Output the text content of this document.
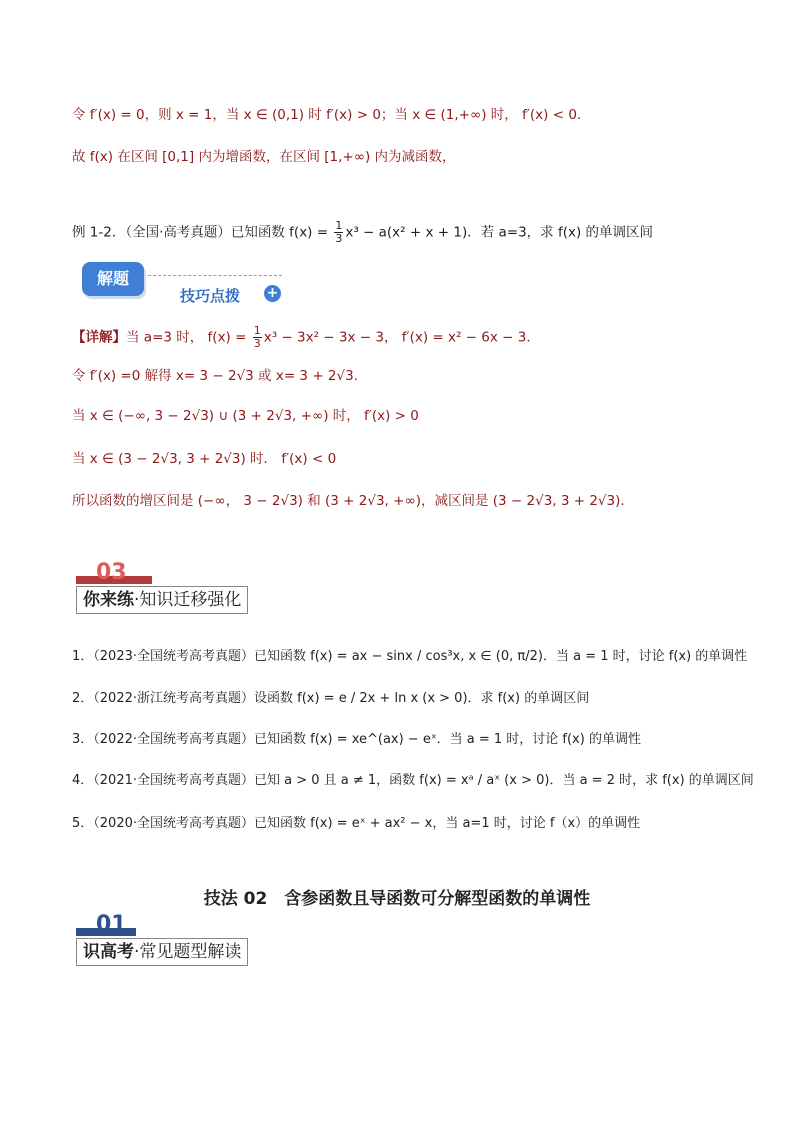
令 f′(x) = 0，则 x = 1，当 x ∈ (0,1) 时 f′(x) > 0；当 x ∈ (1,+∞) 时， f′(x) < 0．
故 f(x) 在区间 [0,1] 内为增函数，在区间 [1,+∞) 内为减函数，
例 1-2．（全国·高考真题）已知函数 $f(x) = \frac{1}{3} x^3 - a(x^2 + x + 1)$．若 a=3，求 f(x) 的单调区间
解题
技巧点拨 +
【详解】当 a=3 时， $f(x) = \frac{1}{3} x^3 - 3x^2 - 3x - 3$， f′(x) = x² − 6x − 3．
令 f′(x) =0 解得 x= 3 − 2√3 或 x= 3 + 2√3．
当 x ∈ (−∞, 3 − 2√3) ∪ (3 + 2√3, +∞) 时， f′(x) > 0
当 x ∈ (3 − 2√3, 3 + 2√3) 时． f′(x) < 0
所以函数的增区间是 (−∞， 3 − 2√3) 和 (3 + 2√3, +∞)，减区间是 (3 − 2√3, 3 + 2√3)．
03
你来练·知识迁移强化
1．（2023·全国统考高考真题）已知函数 f(x) = ax − sinx / cos³x, x ∈ (0, π/2)．当 a = 1 时，讨论 f(x) 的单调性
2．（2022·浙江统考高考真题）设函数 f(x) = e / 2x + ln x (x > 0)．求 f(x) 的单调区间
3．（2022·全国统考高考真题）已知函数 f(x) = xe^(ax) − eˣ．当 a = 1 时，讨论 f(x) 的单调性
4．（2021·全国统考高考真题）已知 a > 0 且 a ≠ 1，函数 f(x) = xᵃ / aˣ (x > 0)．当 a = 2 时，求 f(x) 的单调区间
5．（2020·全国统考高考真题）已知函数 f(x) = eˣ + ax² − x，当 a=1 时，讨论 f（x）的单调性
技法 02　含参函数且导函数可分解型函数的单调性
01
识高考·常见题型解读
